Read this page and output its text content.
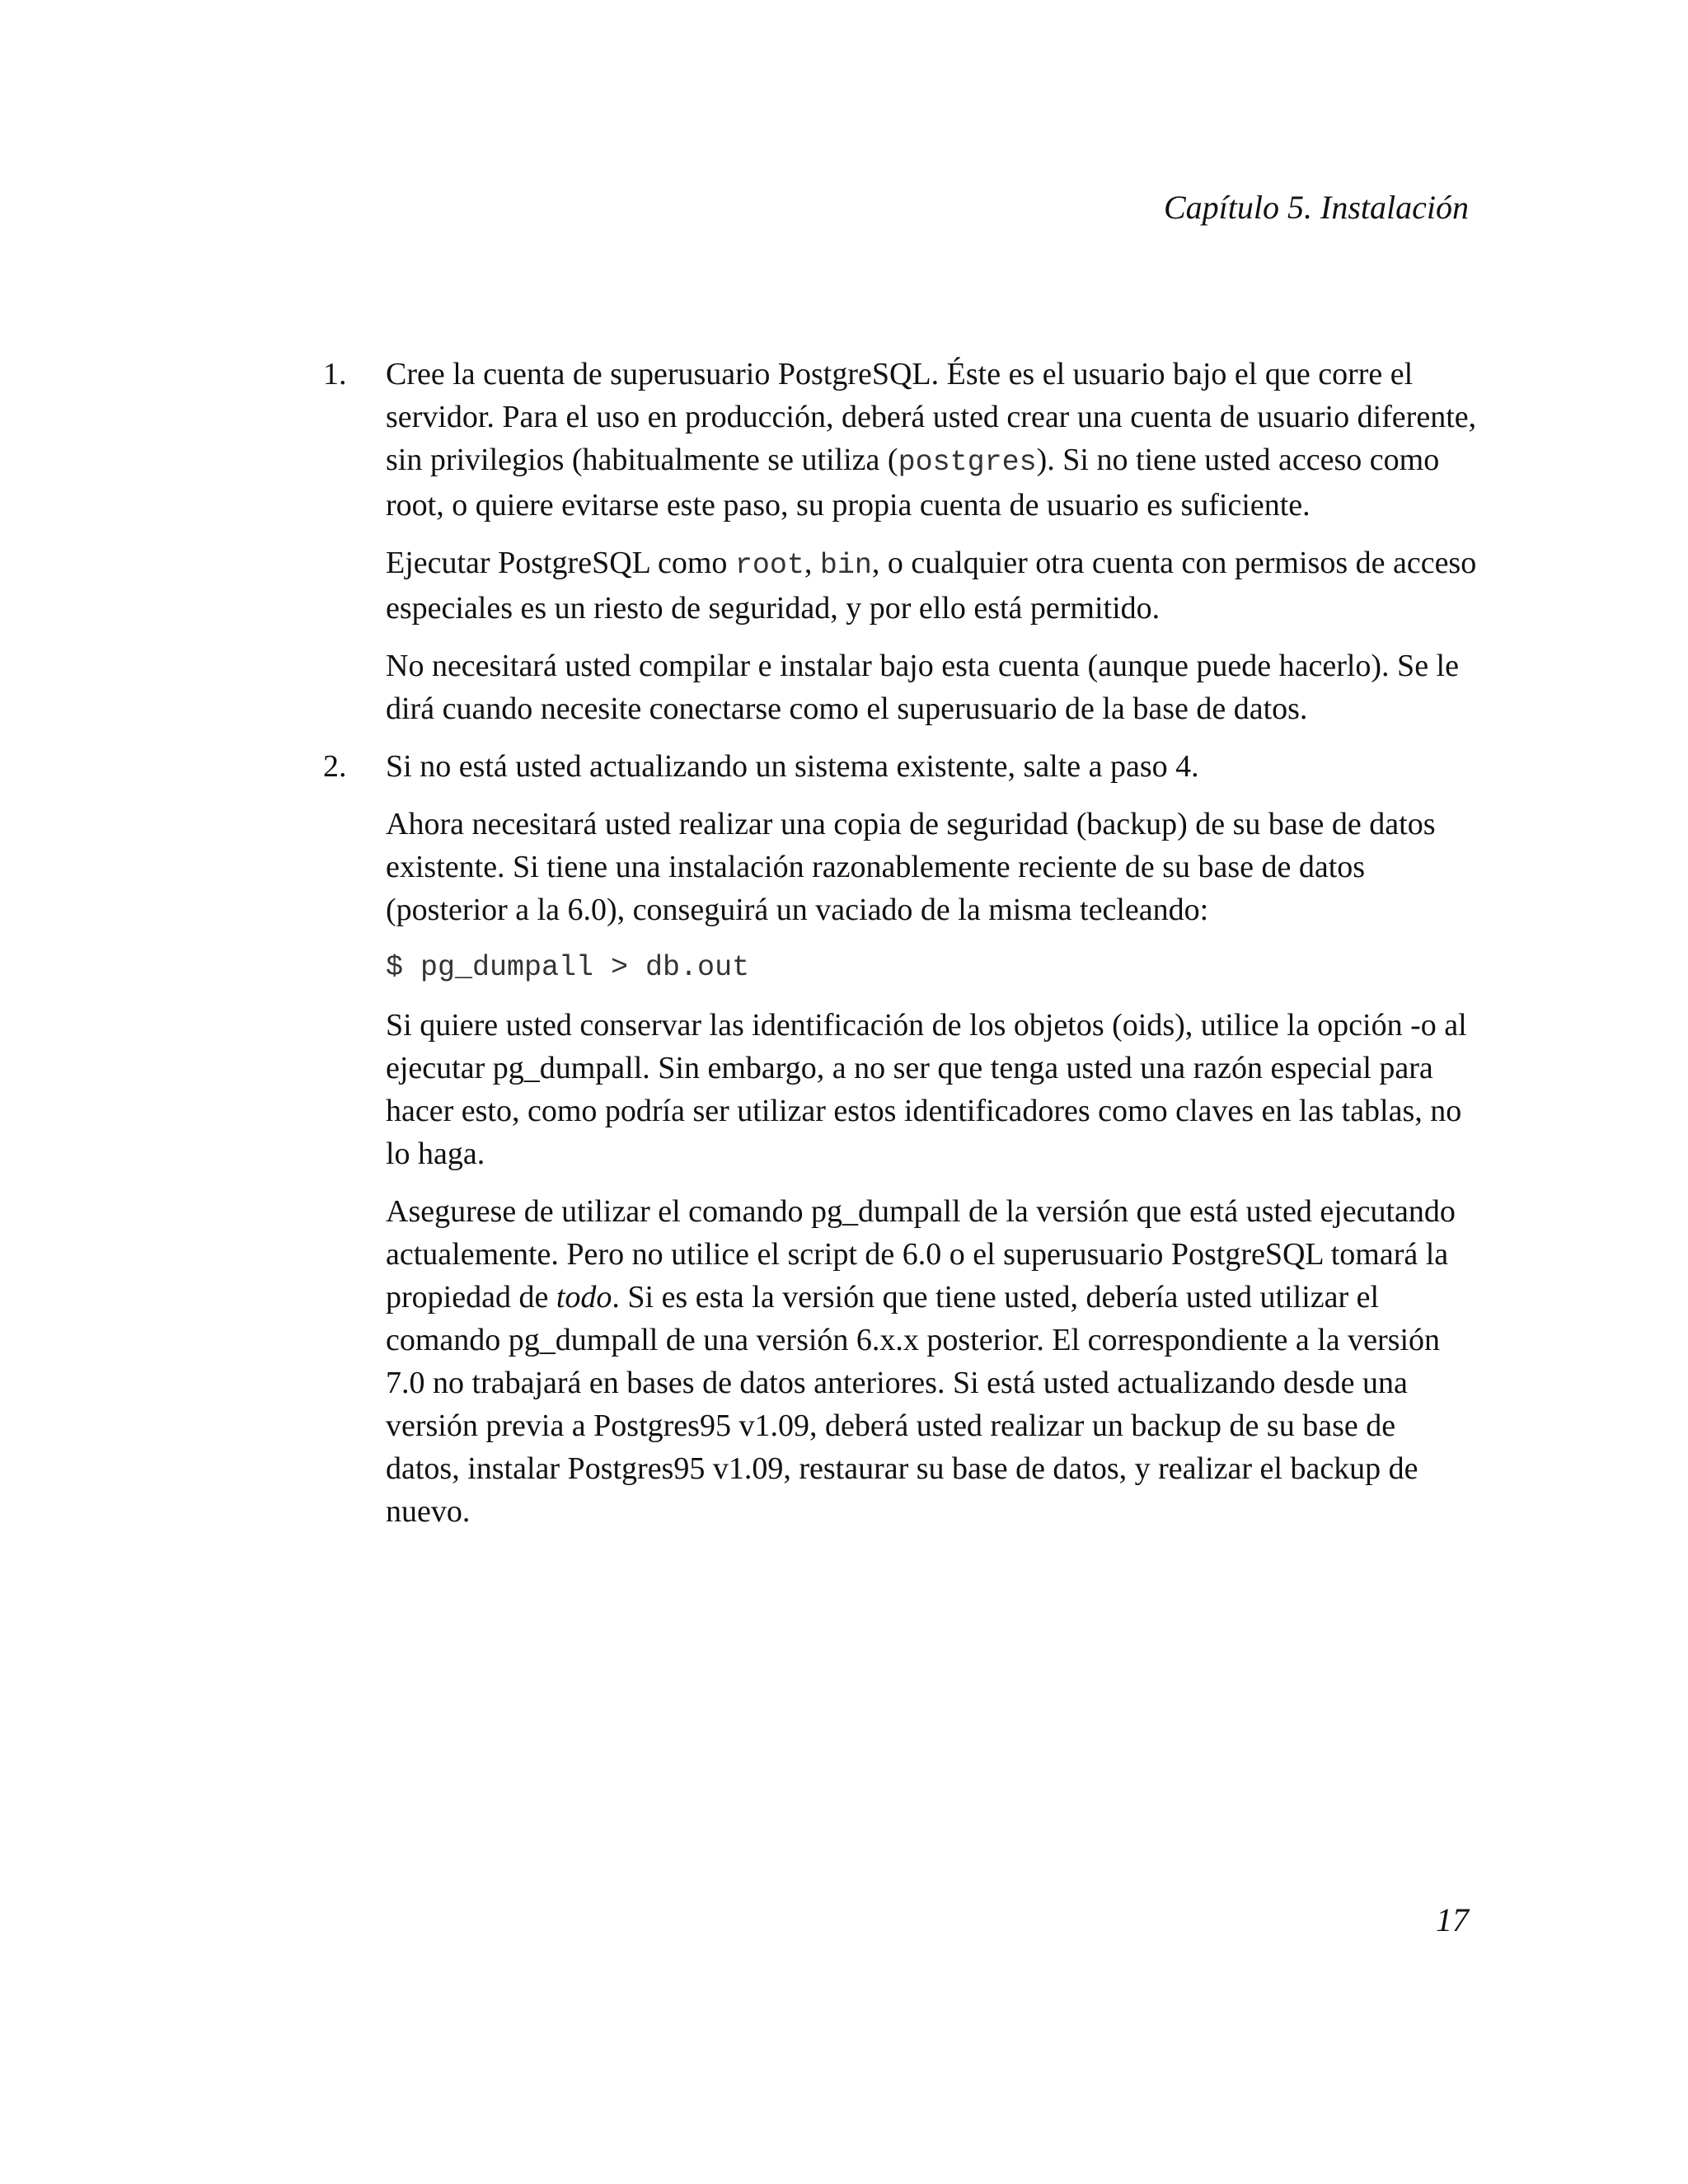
Capítulo 5. Instalación
1. Cree la cuenta de superusuario PostgreSQL. Éste es el usuario bajo el que corre el servidor. Para el uso en producción, deberá usted crear una cuenta de usuario diferente, sin privilegios (habitualmente se utiliza (postgres). Si no tiene usted acceso como root, o quiere evitarse este paso, su propia cuenta de usuario es suficiente.

Ejecutar PostgreSQL como root, bin, o cualquier otra cuenta con permisos de acceso especiales es un riesto de seguridad, y por ello está permitido.

No necesitará usted compilar e instalar bajo esta cuenta (aunque puede hacerlo). Se le dirá cuando necesite conectarse como el superusuario de la base de datos.

2. Si no está usted actualizando un sistema existente, salte a paso 4.

Ahora necesitará usted realizar una copia de seguridad (backup) de su base de datos existente. Si tiene una instalación razonablemente reciente de su base de datos (posterior a la 6.0), conseguirá un vaciado de la misma tecleando:

$ pg_dumpall > db.out

Si quiere usted conservar las identificación de los objetos (oids), utilice la opción -o al ejecutar pg_dumpall. Sin embargo, a no ser que tenga usted una razón especial para hacer esto, como podría ser utilizar estos identificadores como claves en las tablas, no lo haga.

Asegurese de utilizar el comando pg_dumpall de la versión que está usted ejecutando actualemente. Pero no utilice el script de 6.0 o el superusuario PostgreSQL tomará la propiedad de todo. Si es esta la versión que tiene usted, debería usted utilizar el comando pg_dumpall de una versión 6.x.x posterior. El correspondiente a la versión 7.0 no trabajará en bases de datos anteriores. Si está usted actualizando desde una versión previa a Postgres95 v1.09, deberá usted realizar un backup de su base de datos, instalar Postgres95 v1.09, restaurar su base de datos, y realizar el backup de nuevo.

17
